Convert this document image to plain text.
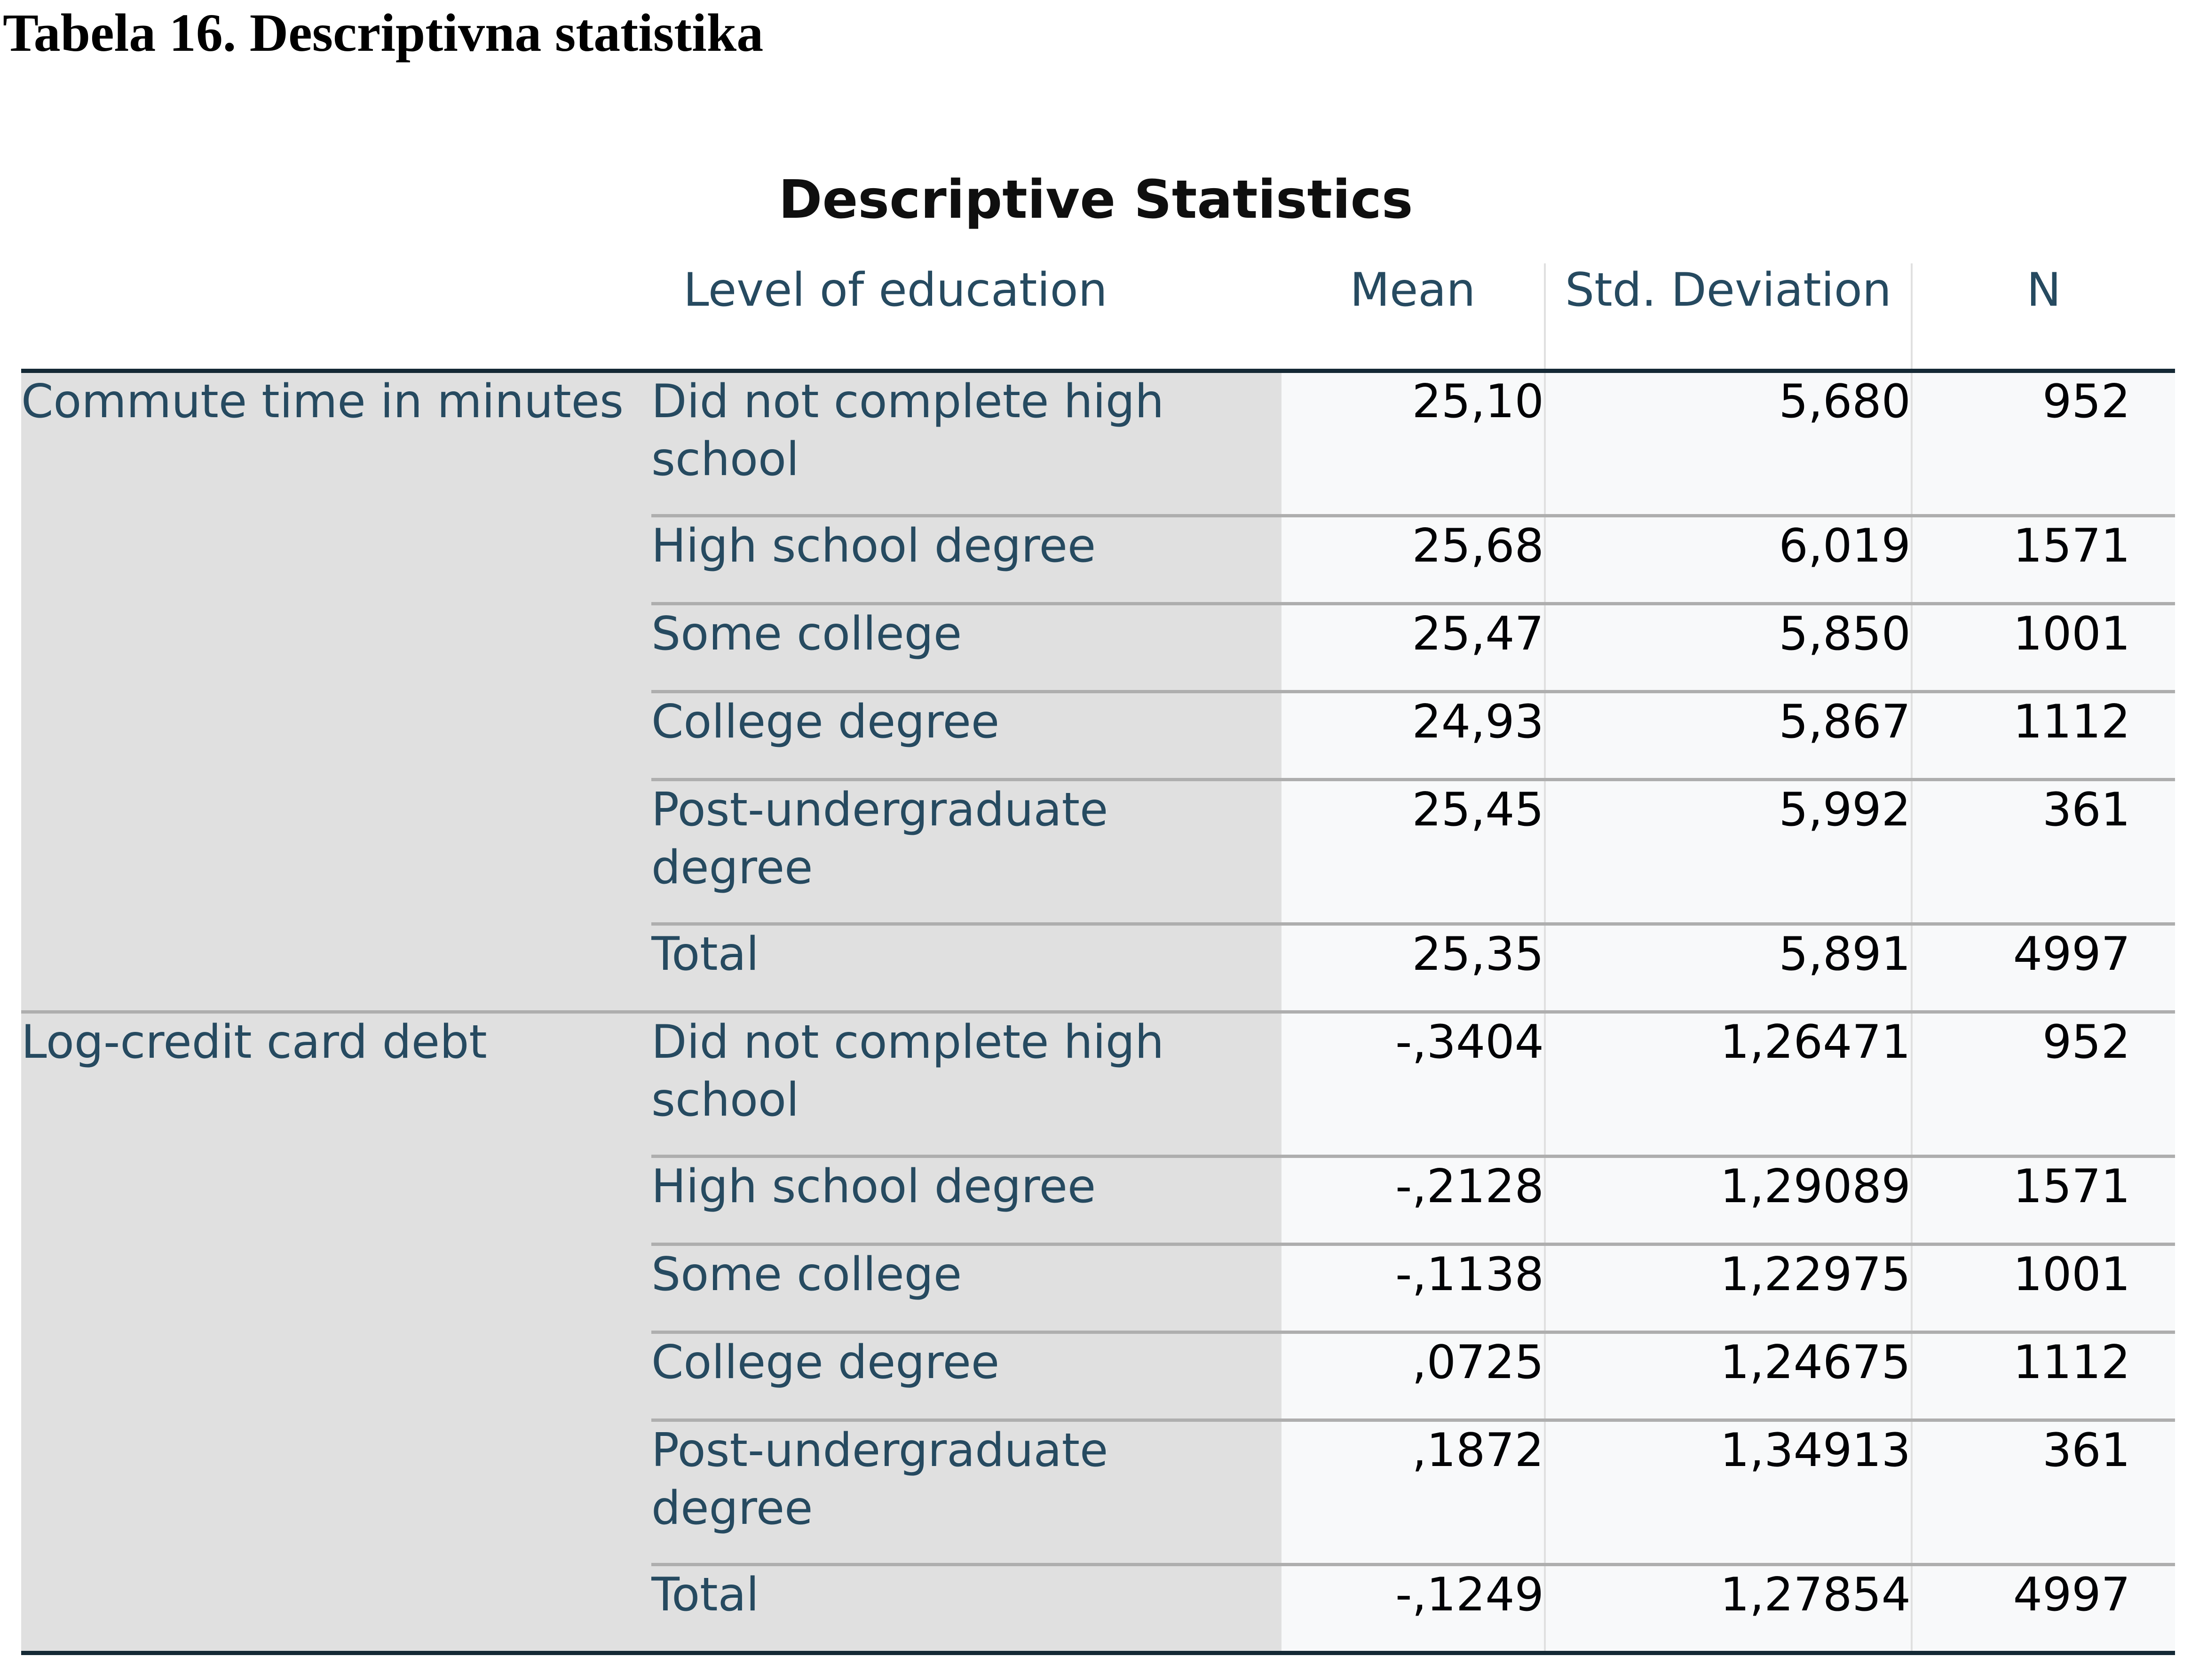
Tabela 16. Descriptivna statistika
Descriptive Statistics
	Level of education	Mean	Std. Deviation	N
Commute time in minutes	Did not complete high school	25,10	5,680	952
	High school degree	25,68	6,019	1571
	Some college	25,47	5,850	1001
	College degree	24,93	5,867	1112
	Post-undergraduate degree	25,45	5,992	361
	Total	25,35	5,891	4997
Log-credit card debt	Did not complete high school	-,3404	1,26471	952
	High school degree	-,2128	1,29089	1571
	Some college	-,1138	1,22975	1001
	College degree	,0725	1,24675	1112
	Post-undergraduate degree	,1872	1,34913	361
	Total	-,1249	1,27854	4997
